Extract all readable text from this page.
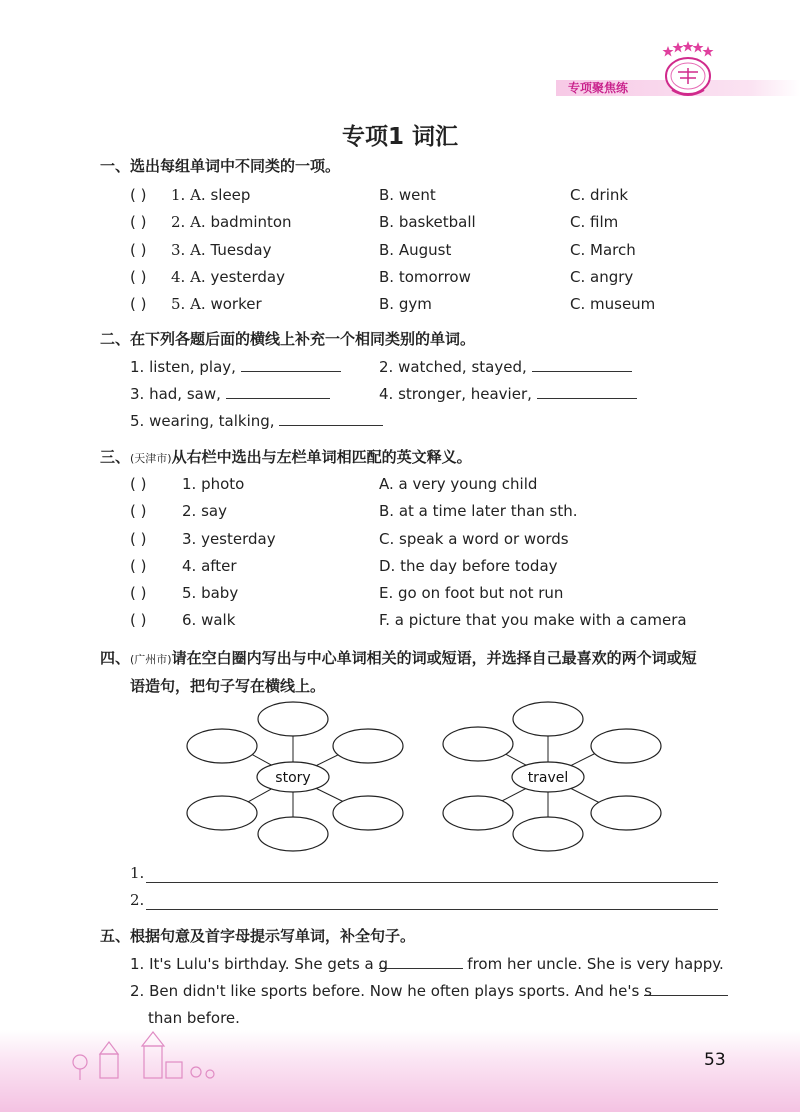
专项聚焦练
专项1 词汇
一、选出每组单词中不同类的一项。
( ) 1. A. sleep	B. went	C. drink
( ) 2. A. badminton	B. basketball	C. film
( ) 3. A. Tuesday	B. August	C. March
( ) 4. A. yesterday	B. tomorrow	C. angry
( ) 5. A. worker	B. gym	C. museum
二、在下列各题后面的横线上补充一个相同类别的单词。
1. listen, play,	2. watched, stayed,
3. had, saw,	4. stronger, heavier,
5. wearing, talking,
三、(天津市)从右栏中选出与左栏单词相匹配的英文释义。
( ) 1. photo	A. a very young child
( ) 2. say	B. at a time later than sth.
( ) 3. yesterday	C. speak a word or words
( ) 4. after	D. the day before today
( ) 5. baby	E. go on foot but not run
( ) 6. walk	F. a picture that you make with a camera
四、(广州市)请在空白圈内写出与中心单词相关的词或短语，并选择自己最喜欢的两个词或短
语造句，把句子写在横线上。
story	travel
1.
2.
五、根据句意及首字母提示写单词，补全句子。
1. It's Lulu's birthday. She gets a g	from her uncle. She is very happy.
2. Ben didn't like sports before. Now he often plays sports. And he's s
than before.
53
